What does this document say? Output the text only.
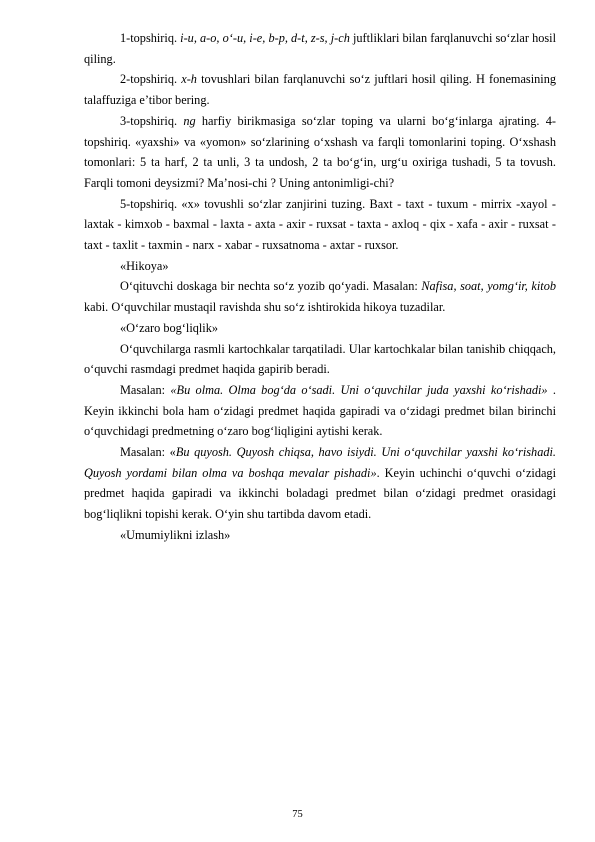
1-topshiriq. i-u, a-o, o‘-u, i-e, b-p, d-t, z-s, j-ch juftliklari bilan farqlanuvchi so‘zlar hosil qiling.

2-topshiriq. x-h tovushlari bilan farqlanuvchi so‘z juftlari hosil qiling. H fonemasining talaffuziga e’tibor bering.

3-topshiriq. ng harfiy birikmasiga so‘zlar toping va ularni bo‘g‘inlarga ajrating. 4-topshiriq. «yaxshi» va «yomon» so‘zlarining o‘xshash va farqli tomonlarini toping. O‘xshash tomonlari: 5 ta harf, 2 ta unli, 3 ta undosh, 2 ta bo‘g‘in, urg‘u oxiriga tushadi, 5 ta tovush. Farqli tomoni deysizmi? Ma’nosi-chi ? Uning antonimligi-chi?

5-topshiriq. «x» tovushli so‘zlar zanjirini tuzing. Baxt - taxt - tuxum - mirrix -xayol - laxtak - kimxob - baxmal - laxta - axta - axir - ruxsat - taxta - axloq - qix - xafa - axir - ruxsat - taxt - taxlit - taxmin - narx - xabar - ruxsatnoma - axtar - ruxsor.

«Hikoya»

O‘qituvchi doskaga bir nechta so‘z yozib qo‘yadi. Masalan: Nafisa, soat, yomg‘ir, kitob kabi. O‘quvchilar mustaqil ravishda shu so‘z ishtirokida hikoya tuzadilar.

«O‘zaro bog‘liqlik»

O‘quvchilarga rasmli kartochkalar tarqatiladi. Ular kartochkalar bilan tanishib chiqqach, o‘quvchi rasmdagi predmet haqida gapirib beradi.

Masalan: «Bu olma. Olma bog‘da o‘sadi. Uni o‘quvchilar juda yaxshi ko‘rishadi» . Keyin ikkinchi bola ham o‘zidagi predmet haqida gapiradi va o‘zidagi predmet bilan birinchi o‘quvchidagi predmetning o‘zaro bog‘liqligini aytishi kerak.

Masalan: «Bu quyosh. Quyosh chiqsa, havo isiydi. Uni o‘quvchilar yaxshi ko‘rishadi. Quyosh yordami bilan olma va boshqa mevalar pishadi». Keyin uchinchi o‘quvchi o‘zidagi predmet haqida gapiradi va ikkinchi boladagi predmet bilan o‘zidagi predmet orasidagi bog‘liqlikni topishi kerak. O‘yin shu tartibda davom etadi.

«Umumiylikni izlash»

75
